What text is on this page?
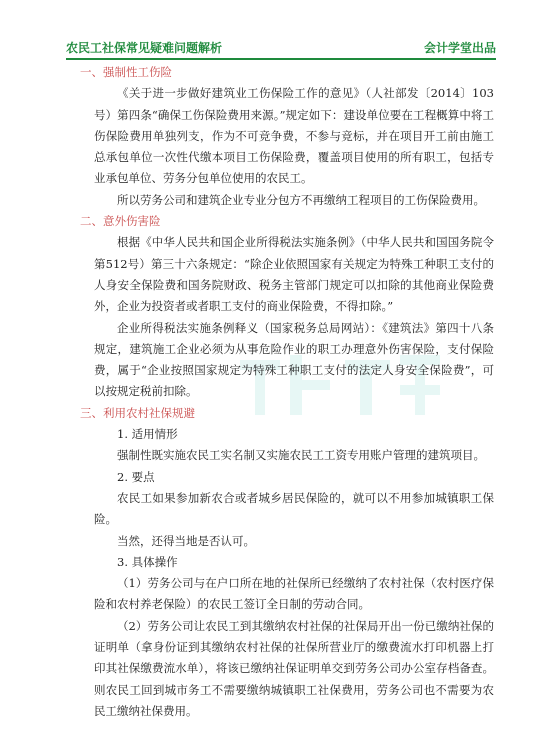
农民工社保常见疑难问题解析	会计学堂出品

一、强制性工伤险

《关于进一步做好建筑业工伤保险工作的意见》（人社部发〔2014〕103号）第四条“确保工伤保险费用来源。”规定如下：建设单位要在工程概算中将工伤保险费用单独列支，作为不可竞争费，不参与竞标，并在项目开工前由施工总承包单位一次性代缴本项目工伤保险费，覆盖项目使用的所有职工，包括专业承包单位、劳务分包单位使用的农民工。

所以劳务公司和建筑企业专业分包方不再缴纳工程项目的工伤保险费用。

二、意外伤害险

根据《中华人民共和国企业所得税法实施条例》（中华人民共和国国务院令第512号）第三十六条规定：“除企业依照国家有关规定为特殊工种职工支付的人身安全保险费和国务院财政、税务主管部门规定可以扣除的其他商业保险费外，企业为投资者或者职工支付的商业保险费，不得扣除。”

企业所得税法实施条例释义（国家税务总局网站）：《建筑法》第四十八条规定，建筑施工企业必须为从事危险作业的职工办理意外伤害保险，支付保险费，属于“企业按照国家规定为特殊工种职工支付的法定人身安全保险费”，可以按规定税前扣除。

三、利用农村社保规避

1. 适用情形

强制性既实施农民工实名制又实施农民工工资专用账户管理的建筑项目。

2. 要点

农民工如果参加新农合或者城乡居民保险的，就可以不用参加城镇职工保险。

当然，还得当地是否认可。

3. 具体操作

（1）劳务公司与在户口所在地的社保所已经缴纳了农村社保（农村医疗保险和农村养老保险）的农民工签订全日制的劳动合同。

（2）劳务公司让农民工到其缴纳农村社保的社保局开出一份已缴纳社保的证明单（拿身份证到其缴纳农村社保的社保所营业厅的缴费流水打印机器上打印其社保缴费流水单），将该已缴纳社保证明单交到劳务公司办公室存档备查。则农民工回到城市务工不需要缴纳城镇职工社保费用，劳务公司也不需要为农民工缴纳社保费用。
